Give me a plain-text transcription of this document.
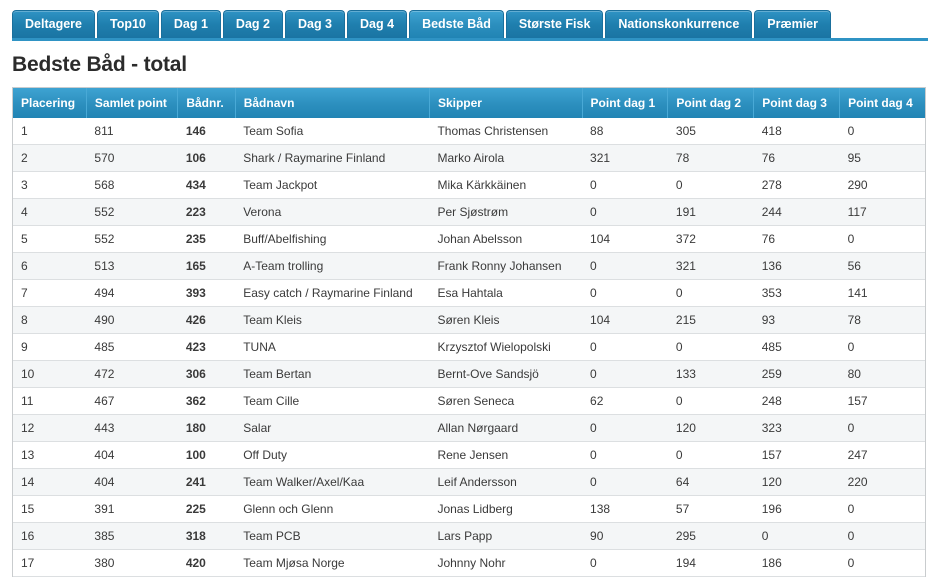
Deltagere	Top10	Dag 1	Dag 2	Dag 3	Dag 4	Bedste Båd	Største Fisk	Nationskonkurrence	Præmier
Bedste Båd - total
Placering	Samlet point	Bådnr.	Bådnavn	Skipper	Point dag 1	Point dag 2	Point dag 3	Point dag 4
1	811	146	Team Sofia	Thomas Christensen	88	305	418	0
2	570	106	Shark / Raymarine Finland	Marko Airola	321	78	76	95
3	568	434	Team Jackpot	Mika Kärkkäinen	0	0	278	290
4	552	223	Verona	Per Sjøstrøm	0	191	244	117
5	552	235	Buff/Abelfishing	Johan Abelsson	104	372	76	0
6	513	165	A-Team trolling	Frank Ronny Johansen	0	321	136	56
7	494	393	Easy catch / Raymarine Finland	Esa Hahtala	0	0	353	141
8	490	426	Team Kleis	Søren Kleis	104	215	93	78
9	485	423	TUNA	Krzysztof Wielopolski	0	0	485	0
10	472	306	Team Bertan	Bernt-Ove Sandsjö	0	133	259	80
11	467	362	Team Cille	Søren Seneca	62	0	248	157
12	443	180	Salar	Allan Nørgaard	0	120	323	0
13	404	100	Off Duty	Rene Jensen	0	0	157	247
14	404	241	Team Walker/Axel/Kaa	Leif Andersson	0	64	120	220
15	391	225	Glenn och Glenn	Jonas Lidberg	138	57	196	0
16	385	318	Team PCB	Lars Papp	90	295	0	0
17	380	420	Team Mjøsa Norge	Johnny Nohr	0	194	186	0
